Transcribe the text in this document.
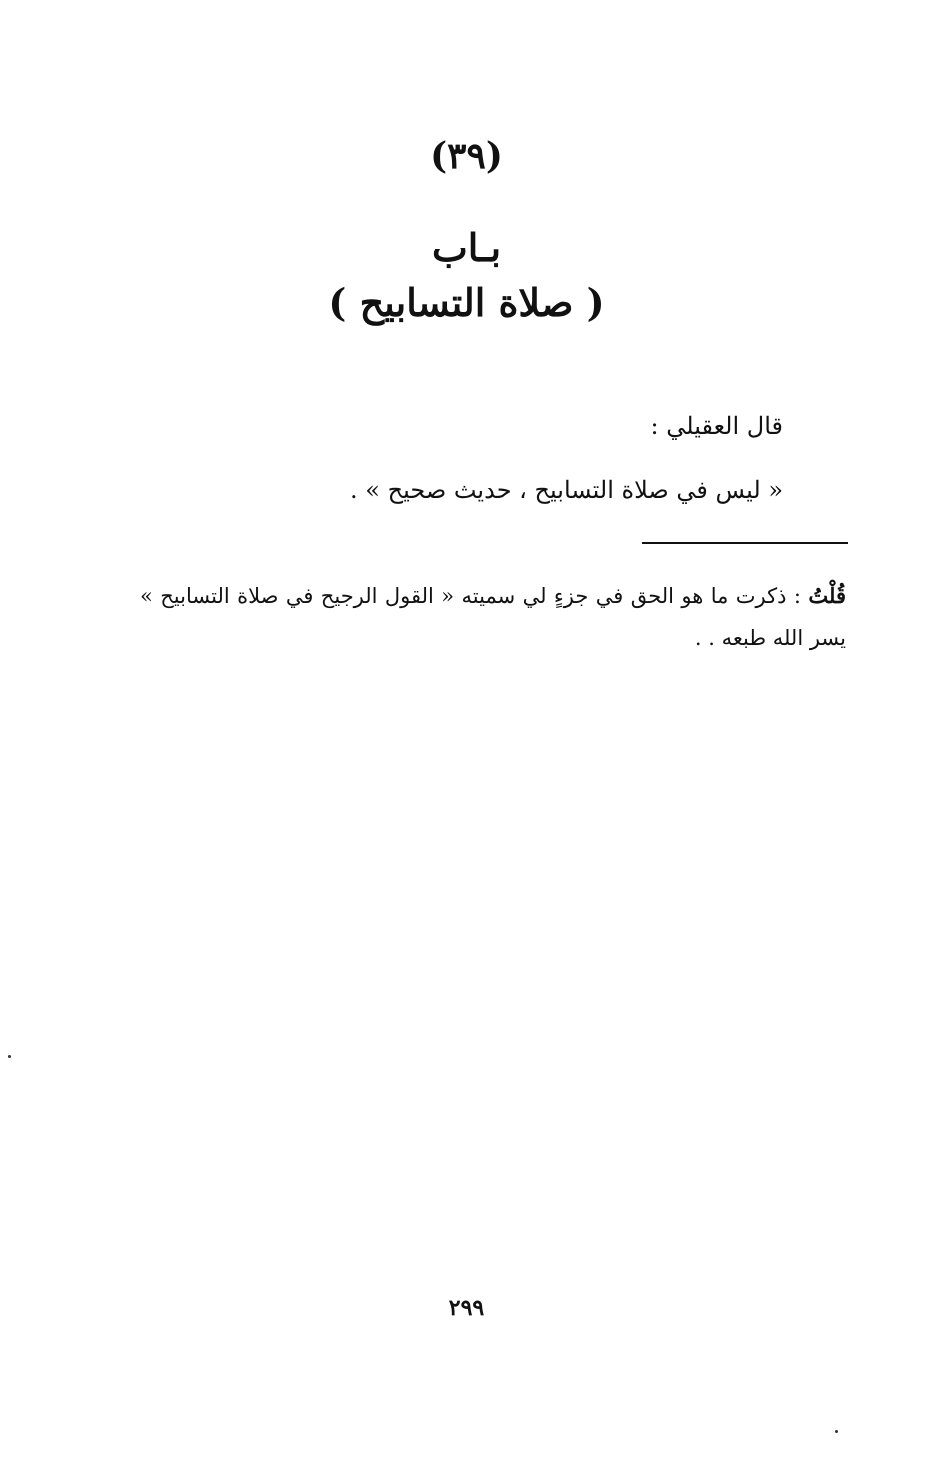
(٣٩)
بـاب
( صلاة التسابيح )
قال العقيلي :
« ليس في صلاة التسابيح ، حديث صحيح » .
قُلْتُ : ذكرت ما هو الحق في جزءٍ لي سميته « القول الرجيح في صلاة التسابيح » يسر الله طبعه . .
٢٩٩
